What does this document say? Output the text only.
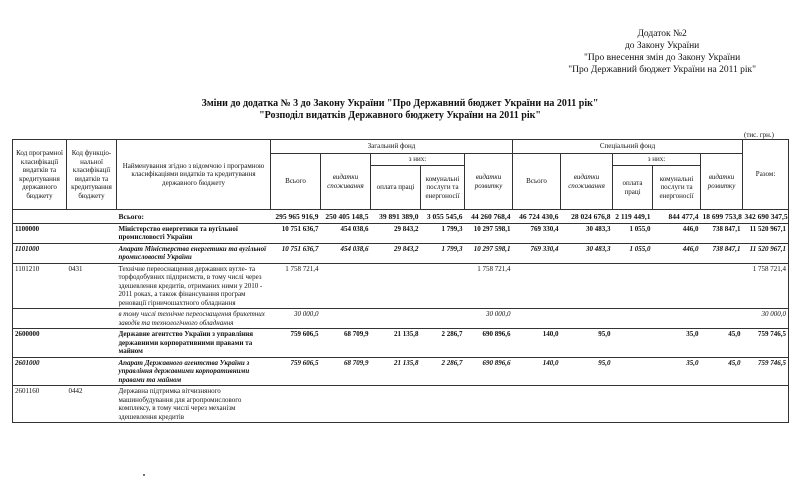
Додаток №2
до Закону України
"Про внесення змін до Закону України
"Про Державний бюджет України на 2011 рік"
Зміни до додатка № 3 до Закону України "Про Державний бюджет України на 2011 рік"
"Розподіл видатків Державного бюджету України на 2011 рік"
(тис. грн.)
Код програмної класифікації видатків та кредитування державного бюджету	Код функціо- нальної класифікації видатків та кредитування бюджету	Найменування згідно з відомчою і програмною класифікаціями видатків та кредитування державного бюджету	Загальний фонд					Спеціальний фонд					Разом:
			Всього	видатки споживання	з них:		видатки розвитку	Всього	видатки споживання	з них:		видатки розвитку	
					оплата праці	комунальні послуги та енергоносії				оплата праці	комунальні послуги та енергоносії		
		Всього:	295 965 916,9	250 405 148,5	39 891 389,0	3 055 545,6	44 260 768,4	46 724 430,6	28 024 676,8	2 119 449,1	844 477,4	18 699 753,8	342 690 347,5
1100000		Міністерство енергетики та вугільної промисловості України	10 751 636,7	454 038,6	29 843,2	1 799,3	10 297 598,1	769 330,4	30 483,3	1 055,0	446,0	738 847,1	11 520 967,1
1101000		Апарат Міністерства енергетики та вугільної промисловості України	10 751 636,7	454 038,6	29 843,2	1 799,3	10 297 598,1	769 330,4	30 483,3	1 055,0	446,0	738 847,1	11 520 967,1
1101210	0431	Технічне переоснащення державних вугле- та торфодобувних підприємств, в тому числі через здешевлення кредитів, отриманих ними у 2010 - 2011 роках, а також фінансування програм реновації гірничошахтного обладнання	1 758 721,4				1 758 721,4						1 758 721,4
		в тому числі технічне переоснащення брикетних заводів та технологічного обладнання	30 000,0				30 000,0						30 000,0
2600000		Державне агентство України з управління державними корпоративними правами та майном	759 606,5	68 709,9	21 135,8	2 286,7	690 896,6	140,0	95,0		35,0	45,0	759 746,5
2601000		Апарат Державного агентства України з управління державними корпоративними правами та майном	759 606,5	68 709,9	21 135,8	2 286,7	690 896,6	140,0	95,0		35,0	45,0	759 746,5
2601160	0442	Державна підтримка вітчизняного машинобудування для агропромислового комплексу, в тому числі через механізм здешевлення кредитів											
